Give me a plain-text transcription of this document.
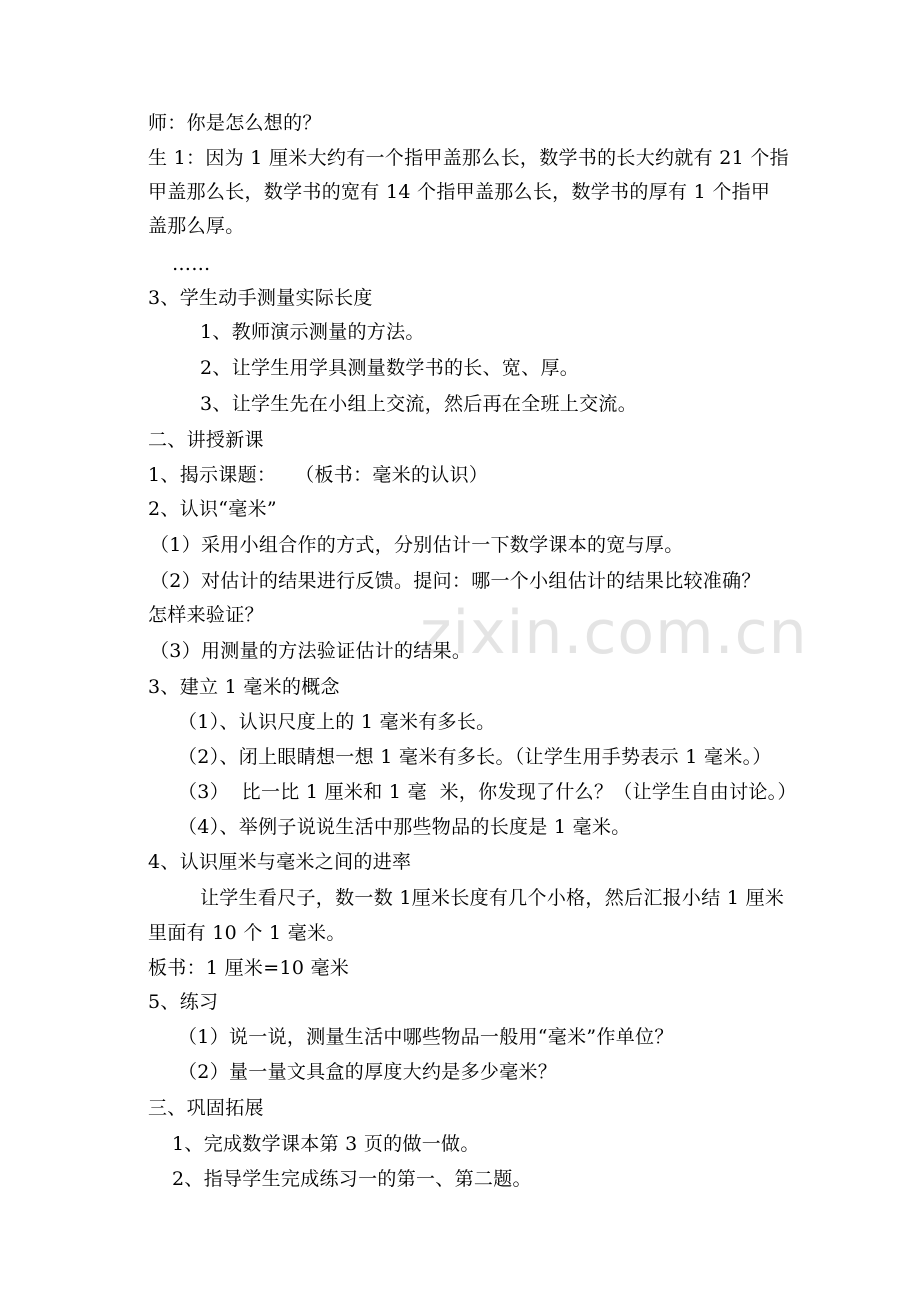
zixin.com.cn
师：你是怎么想的？
生 1：因为 1 厘米大约有一个指甲盖那么长，数学书的长大约就有 21 个指
甲盖那么长，数学书的宽有 14 个指甲盖那么长，数学书的厚有 1 个指甲
盖那么厚。
……
3、学生动手测量实际长度
1、教师演示测量的方法。
2、让学生用学具测量数学书的长、宽、厚。
3、让学生先在小组上交流，然后再在全班上交流。
二、讲授新课
1、揭示课题：   （板书：毫米的认识）
2、认识“毫米”
（1）采用小组合作的方式，分别估计一下数学课本的宽与厚。
（2）对估计的结果进行反馈。提问：哪一个小组估计的结果比较准确？
怎样来验证？
（3）用测量的方法验证估计的结果。
3、建立 1 毫米的概念
（1）、认识尺度上的 1 毫米有多长。
（2）、闭上眼睛想一想 1 毫米有多长。（让学生用手势表示 1 毫米。）
（3）  比一比 1 厘米和 1 毫  米，你发现了什么？（让学生自由讨论。）
（4）、举例子说说生活中那些物品的长度是 1 毫米。
4、认识厘米与毫米之间的进率
让学生看尺子，数一数 1厘米长度有几个小格，然后汇报小结 1 厘米
里面有 10 个 1 毫米。
板书：1 厘米=10 毫米
5、练习
（1）说一说，测量生活中哪些物品一般用“毫米”作单位？
（2）量一量文具盒的厚度大约是多少毫米？
三、巩固拓展
1、完成数学课本第 3 页的做一做。
2、指导学生完成练习一的第一、第二题。
